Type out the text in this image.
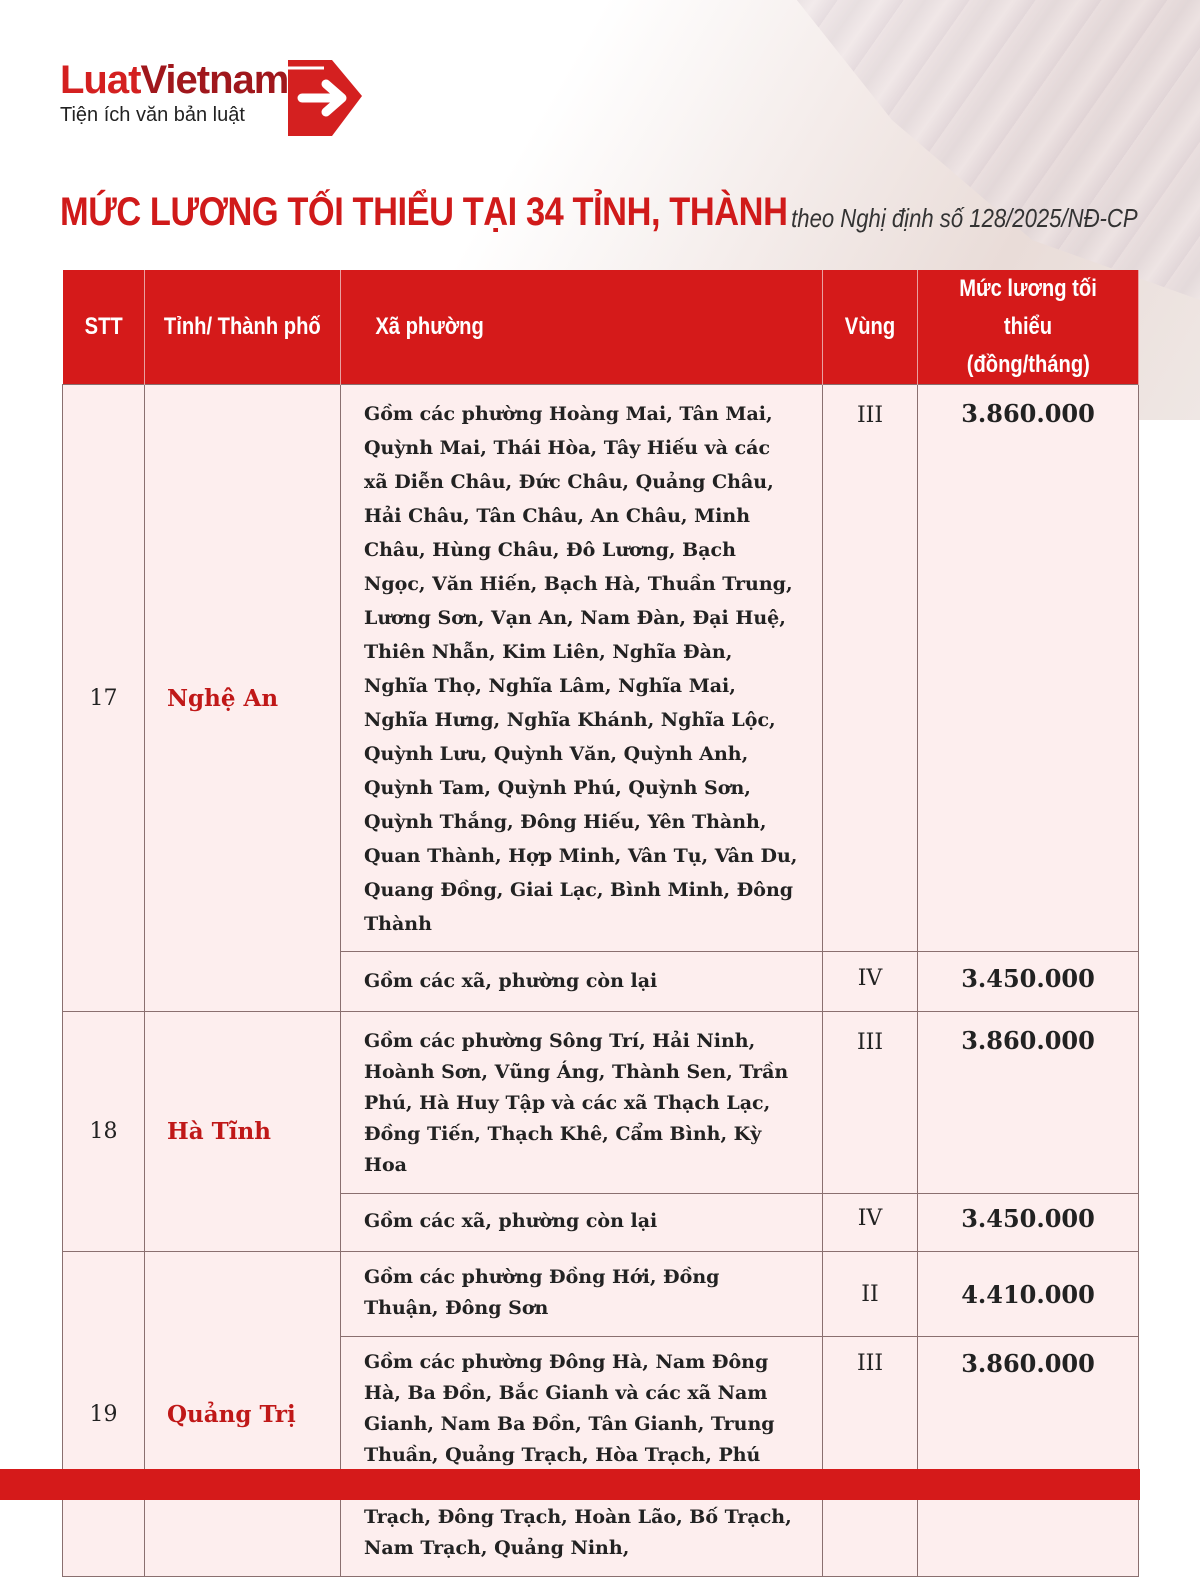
LuatVietnam
Tiện ích văn bản luật
MỨC LƯƠNG TỐI THIỂU TẠI 34 TỈNH, THÀNH theo Nghị định số 128/2025/NĐ-CP
STT	Tỉnh/ Thành phố	Xã phường	Vùng	Mức lương tối thiểu
(đồng/tháng)
17	Nghệ An	Gồm các phường Hoàng Mai, Tân Mai, Quỳnh Mai, Thái Hòa, Tây Hiếu và các xã Diễn Châu, Đức Châu, Quảng Châu, Hải Châu, Tân Châu, An Châu, Minh Châu, Hùng Châu, Đô Lương, Bạch Ngọc, Văn Hiến, Bạch Hà, Thuần Trung, Lương Sơn, Vạn An, Nam Đàn, Đại Huệ, Thiên Nhẫn, Kim Liên, Nghĩa Đàn, Nghĩa Thọ, Nghĩa Lâm, Nghĩa Mai, Nghĩa Hưng, Nghĩa Khánh, Nghĩa Lộc, Quỳnh Lưu, Quỳnh Văn, Quỳnh Anh, Quỳnh Tam, Quỳnh Phú, Quỳnh Sơn, Quỳnh Thắng, Đông Hiếu, Yên Thành, Quan Thành, Hợp Minh, Vân Tụ, Vân Du, Quang Đồng, Giai Lạc, Bình Minh, Đông Thành	III	3.860.000
		Gồm các xã, phường còn lại	IV	3.450.000
18	Hà Tĩnh	Gồm các phường Sông Trí, Hải Ninh, Hoành Sơn, Vũng Áng, Thành Sen, Trần Phú, Hà Huy Tập và các xã Thạch Lạc, Đồng Tiến, Thạch Khê, Cẩm Bình, Kỳ Hoa	III	3.860.000
		Gồm các xã, phường còn lại	IV	3.450.000
19	Quảng Trị	Gồm các phường Đồng Hới, Đồng Thuận, Đông Sơn	II	4.410.000
		Gồm các phường Đông Hà, Nam Đông Hà, Ba Đồn, Bắc Gianh và các xã Nam Gianh, Nam Ba Đồn, Tân Gianh, Trung Thuần, Quảng Trạch, Hòa Trạch, Phú Trạch, Đông Trạch, Hoàn Lão, Bố Trạch, Nam Trạch, Quảng Ninh,	III	3.860.000
